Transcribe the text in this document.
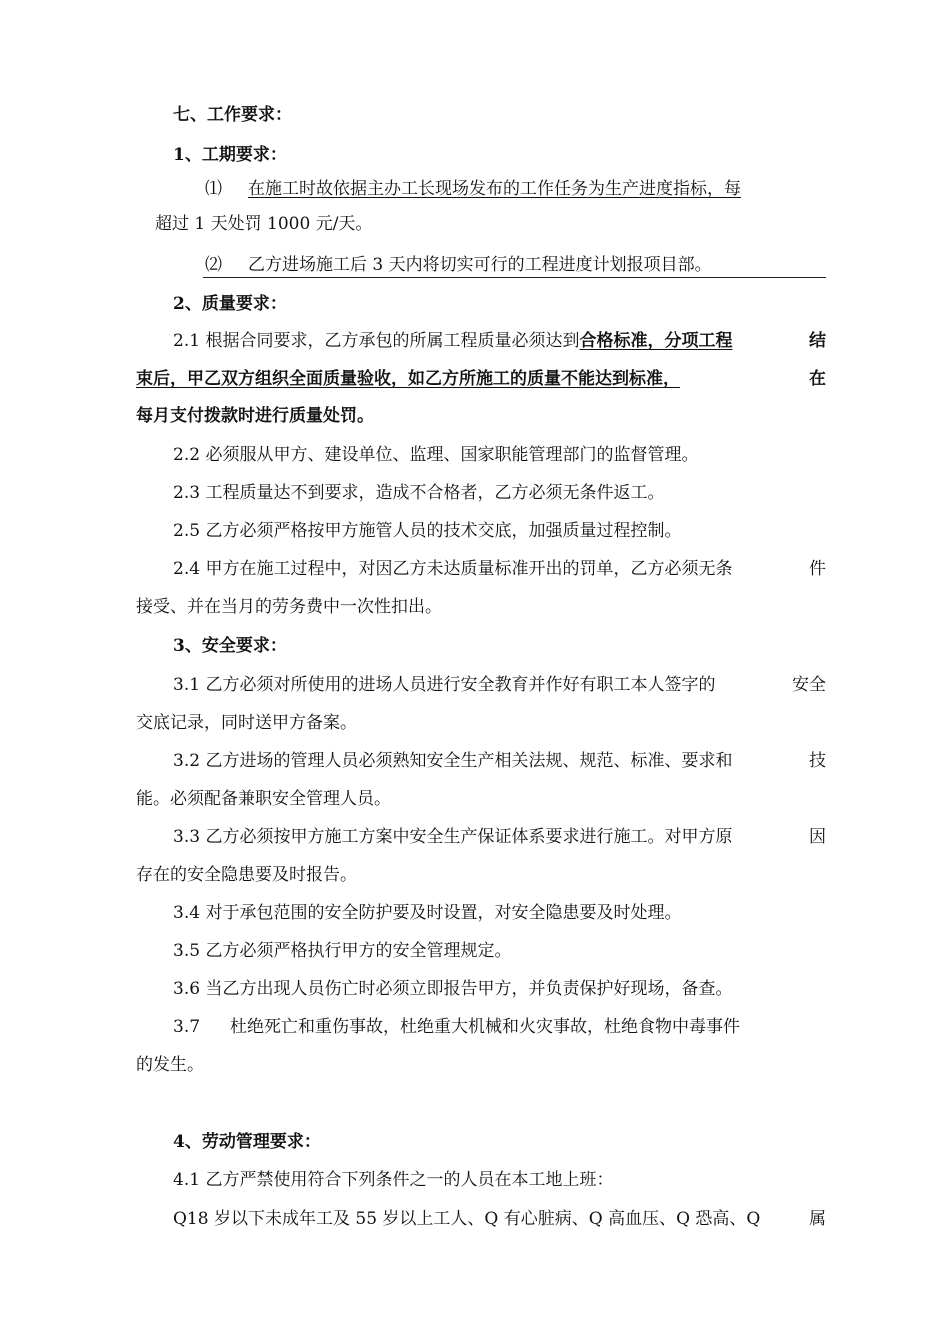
七、工作要求：
1、工期要求：
⑴ 在施工时故依据主办工长现场发布的工作任务为生产进度指标，每
超过 1 天处罚 1000 元/天。
⑵ 乙方进场施工后 3 天内将切实可行的工程进度计划报项目部。
2、质量要求：
2.1 根据合同要求，乙方承包的所属工程质量必须达到合格标准，分项工程	结
束后，甲乙双方组织全面质量验收，如乙方所施工的质量不能达到标准，	在
每月支付拨款时进行质量处罚。
2.2 必须服从甲方、建设单位、监理、国家职能管理部门的监督管理。
2.3 工程质量达不到要求，造成不合格者，乙方必须无条件返工。
2.5 乙方必须严格按甲方施管人员的技术交底，加强质量过程控制。
2.4 甲方在施工过程中，对因乙方未达质量标准开出的罚单，乙方必须无条	件
接受、并在当月的劳务费中一次性扣出。
3、安全要求：
3.1 乙方必须对所使用的进场人员进行安全教育并作好有职工本人签字的	安全
交底记录，同时送甲方备案。
3.2 乙方进场的管理人员必须熟知安全生产相关法规、规范、标准、要求和	技
能。必须配备兼职安全管理人员。
3.3 乙方必须按甲方施工方案中安全生产保证体系要求进行施工。对甲方原	因
存在的安全隐患要及时报告。
3.4 对于承包范围的安全防护要及时设置，对安全隐患要及时处理。
3.5 乙方必须严格执行甲方的安全管理规定。
3.6 当乙方出现人员伤亡时必须立即报告甲方，并负责保护好现场，备查。
3.7 杜绝死亡和重伤事故，杜绝重大机械和火灾事故，杜绝食物中毒事件
的发生。
4、劳动管理要求：
4.1 乙方严禁使用符合下列条件之一的人员在本工地上班：
Q18 岁以下未成年工及 55 岁以上工人、Q 有心脏病、Q 高血压、Q 恐高、Q	属
